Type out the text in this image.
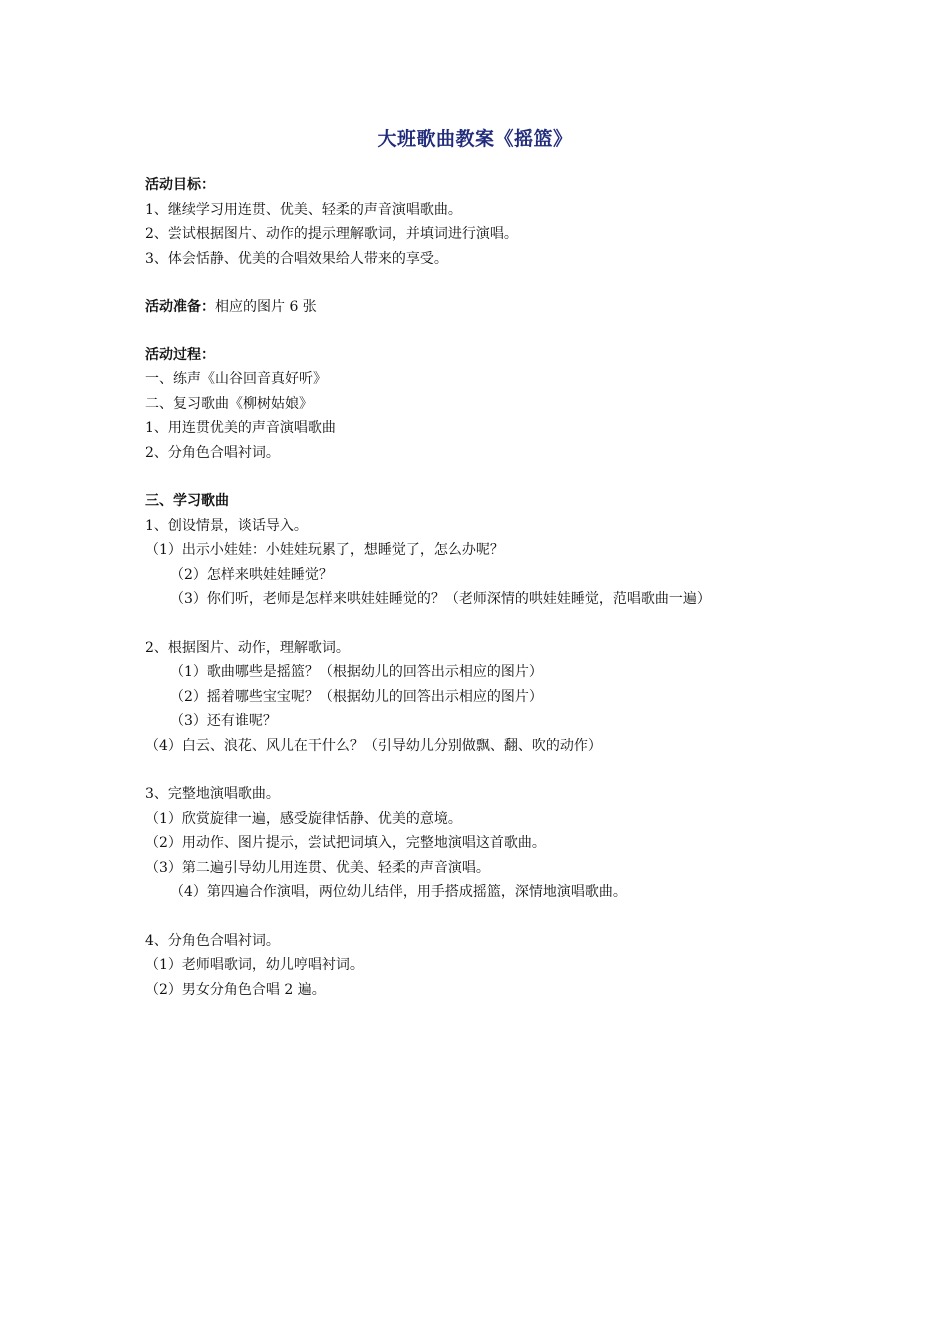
大班歌曲教案《摇篮》
活动目标：
1、继续学习用连贯、优美、轻柔的声音演唱歌曲。
2、尝试根据图片、动作的提示理解歌词，并填词进行演唱。
3、体会恬静、优美的合唱效果给人带来的享受。
活动准备：相应的图片 6 张
活动过程：
一、练声《山谷回音真好听》
二、复习歌曲《柳树姑娘》
1、用连贯优美的声音演唱歌曲
2、分角色合唱衬词。
三、学习歌曲
1、创设情景，谈话导入。
（1）出示小娃娃：小娃娃玩累了，想睡觉了，怎么办呢？
（2）怎样来哄娃娃睡觉？
（3）你们听，老师是怎样来哄娃娃睡觉的？（老师深情的哄娃娃睡觉，范唱歌曲一遍）
2、根据图片、动作，理解歌词。
（1）歌曲哪些是摇篮？（根据幼儿的回答出示相应的图片）
（2）摇着哪些宝宝呢？（根据幼儿的回答出示相应的图片）
（3）还有谁呢？
（4）白云、浪花、风儿在干什么？（引导幼儿分别做飘、翻、吹的动作）
3、完整地演唱歌曲。
（1）欣赏旋律一遍，感受旋律恬静、优美的意境。
（2）用动作、图片提示，尝试把词填入，完整地演唱这首歌曲。
（3）第二遍引导幼儿用连贯、优美、轻柔的声音演唱。
（4）第四遍合作演唱，两位幼儿结伴，用手搭成摇篮，深情地演唱歌曲。
4、分角色合唱衬词。
（1）老师唱歌词，幼儿哼唱衬词。
（2）男女分角色合唱 2 遍。
